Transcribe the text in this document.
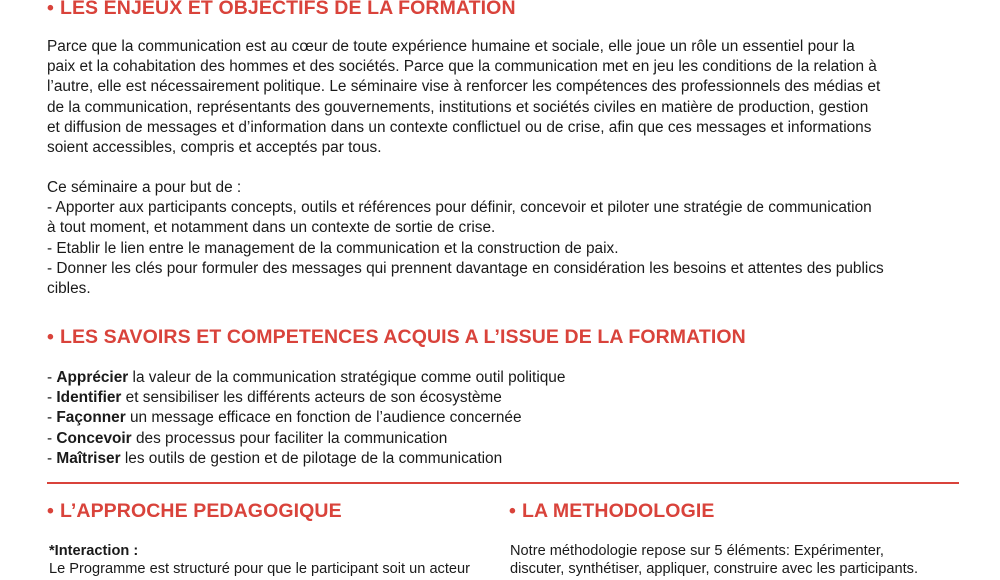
• LES ENJEUX ET OBJECTIFS DE LA FORMATION

Parce que la communication est au cœur de toute expérience humaine et sociale, elle joue un rôle un essentiel pour la
paix et la cohabitation des hommes et des sociétés. Parce que la communication met en jeu les conditions de la relation à
l’autre, elle est nécessairement politique. Le séminaire vise à renforcer les compétences des professionnels des médias et
de la communication, représentants des gouvernements, institutions et sociétés civiles en matière de production, gestion
et diffusion de messages et d’information dans un contexte conflictuel ou de crise, afin que ces messages et informations
soient accessibles, compris et acceptés par tous.

Ce séminaire a pour but de :
- Apporter aux participants concepts, outils et références pour définir, concevoir et piloter une stratégie de communication
à tout moment, et notamment dans un contexte de sortie de crise.
- Etablir le lien entre le management de la communication et la construction de paix.
- Donner les clés pour formuler des messages qui prennent davantage en considération les besoins et attentes des publics
cibles.

• LES SAVOIRS ET COMPETENCES ACQUIS A L’ISSUE DE LA FORMATION
- Apprécier la valeur de la communication stratégique comme outil politique
- Identifier et sensibiliser les différents acteurs de son écosystème
- Façonner un message efficace en fonction de l’audience concernée
- Concevoir des processus pour faciliter la communication
- Maîtriser les outils de gestion et de pilotage de la communication
• L’APPROCHE PEDAGOGIQUE	• LA METHODOLOGIE
*Interaction :
Le Programme est structuré pour que le participant soit un acteur
Notre méthodologie repose sur 5 éléments: Expérimenter,
discuter, synthétiser, appliquer, construire avec les participants.
